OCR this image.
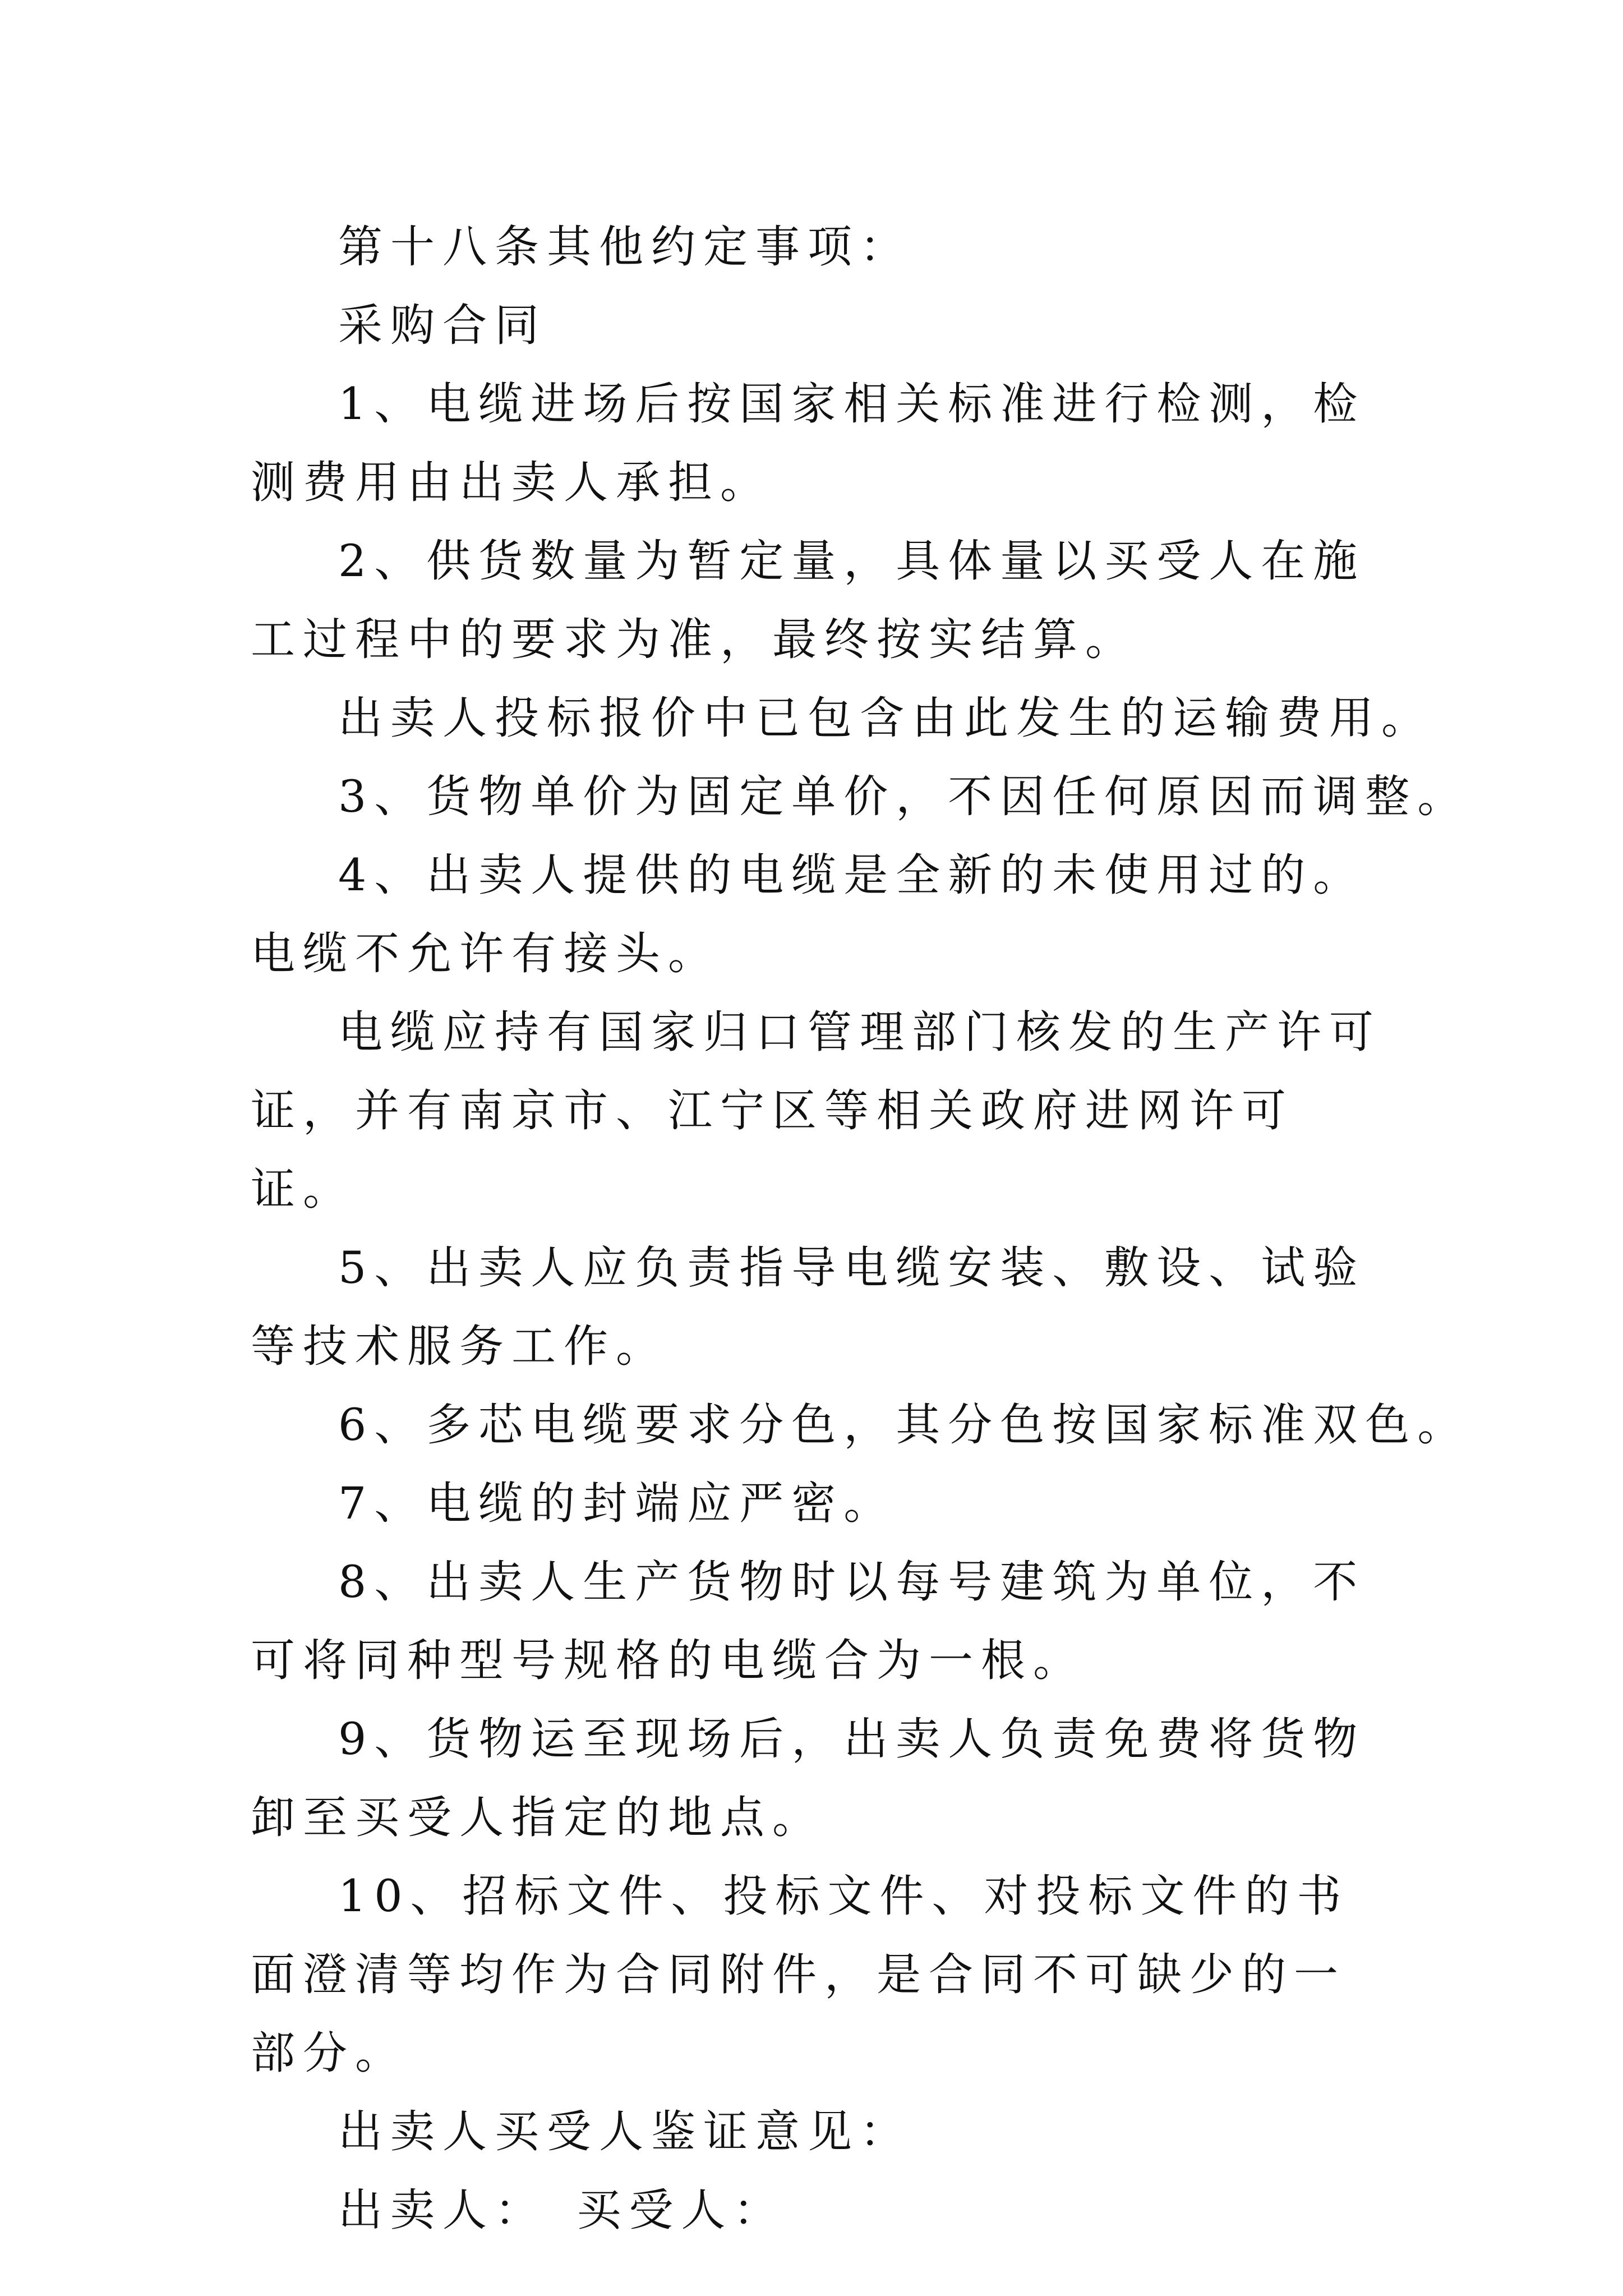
第十八条其他约定事项：

采购合同

1、电缆进场后按国家相关标准进行检测，检测费用由出卖人承担。

2、供货数量为暂定量，具体量以买受人在施工过程中的要求为准，最终按实结算。

出卖人投标报价中已包含由此发生的运输费用。

3、货物单价为固定单价，不因任何原因而调整。

4、出卖人提供的电缆是全新的未使用过的。电缆不允许有接头。

电缆应持有国家归口管理部门核发的生产许可证，并有南京市、江宁区等相关政府进网许可证。

5、出卖人应负责指导电缆安装、敷设、试验等技术服务工作。

6、多芯电缆要求分色，其分色按国家标准双色。

7、电缆的封端应严密。

8、出卖人生产货物时以每号建筑为单位，不可将同种型号规格的电缆合为一根。

9、货物运至现场后，出卖人负责免费将货物卸至买受人指定的地点。

10、招标文件、投标文件、对投标文件的书面澄清等均作为合同附件，是合同不可缺少的一部分。

出卖人买受人鉴证意见：

出卖人：　买受人：
